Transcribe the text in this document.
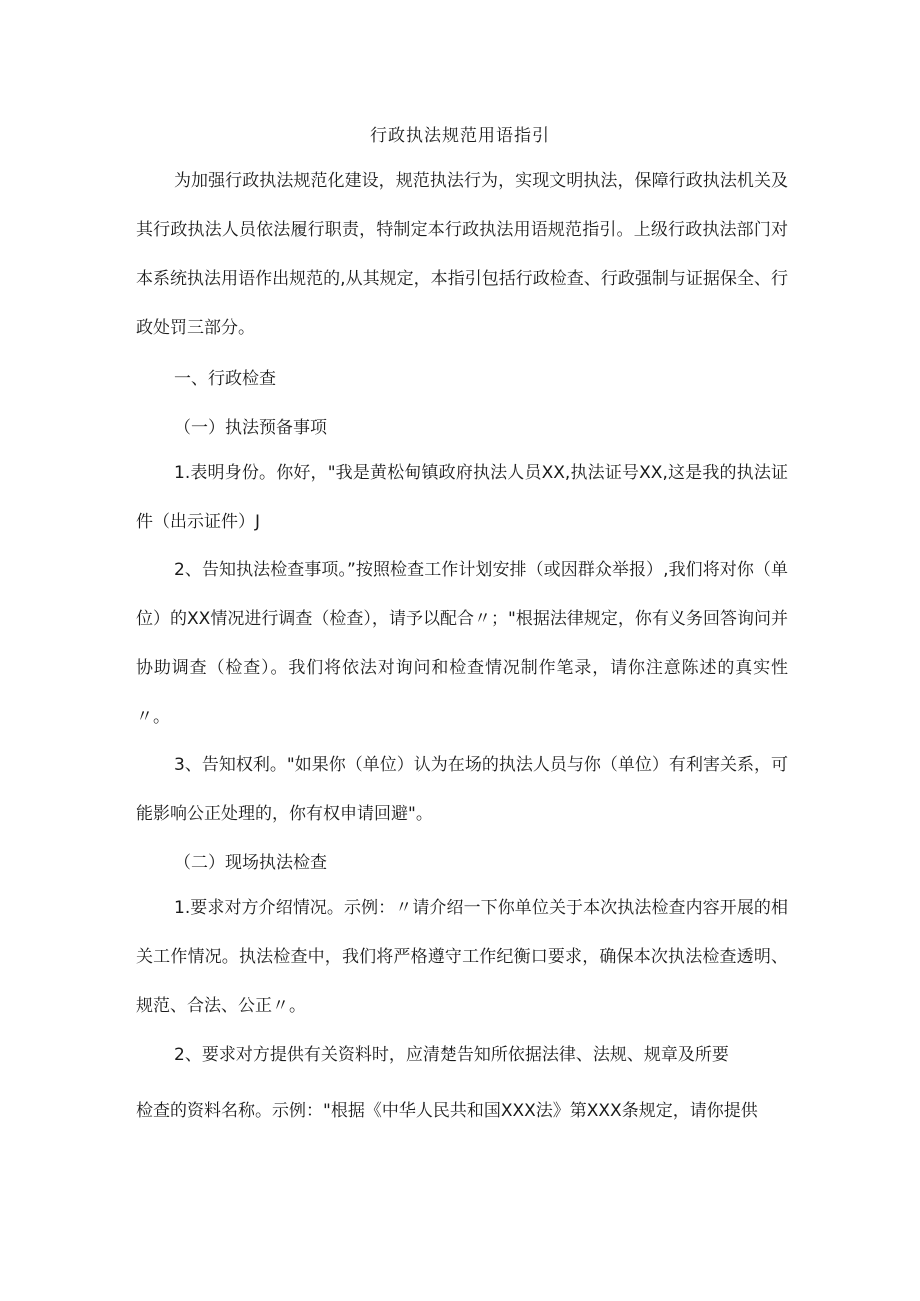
行政执法规范用语指引
为加强行政执法规范化建设，规范执法行为，实现文明执法，保障行政执法机关及其行政执法人员依法履行职责，特制定本行政执法用语规范指引。上级行政执法部门对本系统执法用语作出规范的,从其规定，本指引包括行政检查、行政强制与证据保全、行政处罚三部分。
一、行政检查
（一）执法预备事项
1.表明身份。你好，"我是黄松甸镇政府执法人员XX,执法证号XX,这是我的执法证件（出示证件）J
2、告知执法检查事项。”按照检查工作计划安排（或因群众举报）,我们将对你（单位）的XX情况进行调查（检查），请予以配合〃；"根据法律规定，你有义务回答询问并协助调查（检查）。我们将依法对询问和检查情况制作笔录，请你注意陈述的真实性〃。
3、告知权利。"如果你（单位）认为在场的执法人员与你（单位）有利害关系，可能影响公正处理的，你有权申请回避"。
（二）现场执法检查
1.要求对方介绍情况。示例：〃请介绍一下你单位关于本次执法检查内容开展的相关工作情况。执法检查中，我们将严格遵守工作纪衡口要求，确保本次执法检查透明、规范、合法、公正〃。
2、要求对方提供有关资料时，应清楚告知所依据法律、法规、规章及所要
检查的资料名称。示例："根据《中华人民共和国XXX法》第XXX条规定，请你提供
